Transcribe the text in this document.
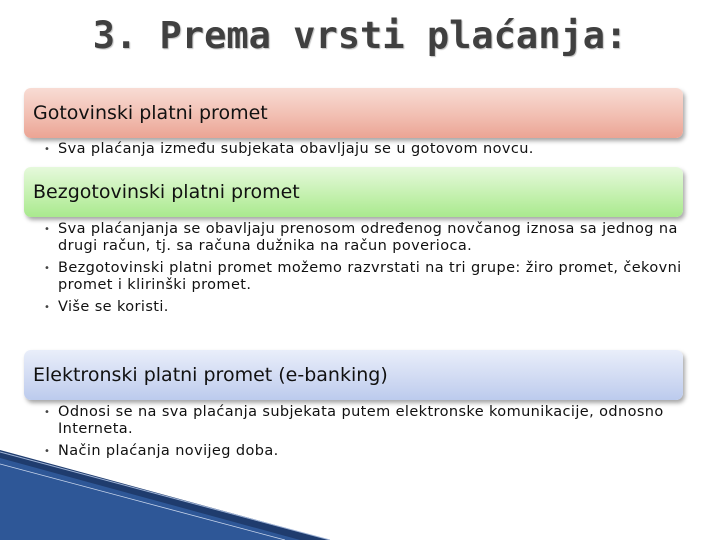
3. Prema vrsti plaćanja:
Gotovinski platni promet
• Sva plaćanja između subjekata obavljaju se u gotovom novcu.
Bezgotovinski platni promet
• Sva plaćanjanja se obavljaju prenosom određenog novčanog iznosa sa jednog na drugi račun, tj. sa računa dužnika na račun poverioca.
• Bezgotovinski platni promet možemo razvrstati na tri grupe: žiro promet, čekovni promet i klirinški promet.
• Više se koristi.
Elektronski platni promet (e-banking)
• Odnosi se na sva plaćanja subjekata putem elektronske komunikacije, odnosno Interneta.
• Način plaćanja novijeg doba.
